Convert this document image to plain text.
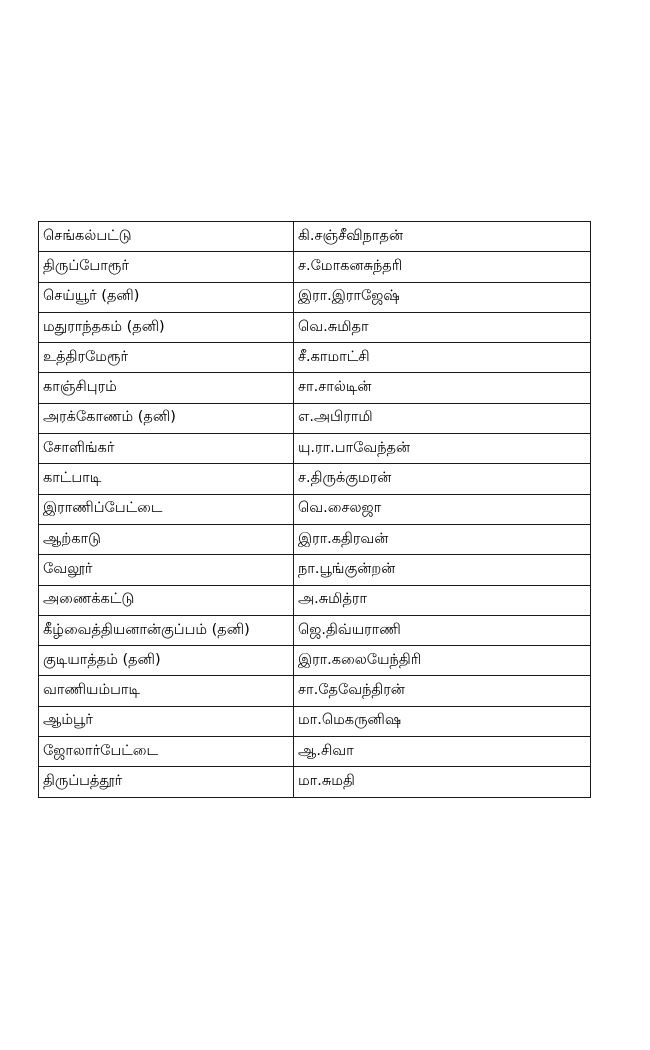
செங்கல்பட்டு	கி.சஞ்சீவிநாதன்
திருப்போரூர்	ச.மோகனசுந்தரி
செய்யூர் (தனி)	இரா.இராஜேஷ்
மதுராந்தகம் (தனி)	வெ.சுமிதா
உத்திரமேரூர்	சீ.காமாட்சி
காஞ்சிபுரம்	சா.சால்டின்
அரக்கோணம் (தனி)	எ.அபிராமி
சோளிங்கர்	யு.ரா.பாவேந்தன்
காட்பாடி	ச.திருக்குமரன்
இராணிப்பேட்டை	வெ.சைலஜா
ஆற்காடு	இரா.கதிரவன்
வேலூர்	நா.பூங்குன்றன்
அணைக்கட்டு	அ.சுமித்ரா
கீழ்வைத்தியனான்குப்பம் (தனி)	ஜெ.திவ்யராணி
குடியாத்தம் (தனி)	இரா.கலையேந்திரி
வாணியம்பாடி	சா.தேவேந்திரன்
ஆம்பூர்	மா.மெகருனிஷ
ஜோலார்பேட்டை	ஆ.சிவா
திருப்பத்தூர்	மா.சுமதி
